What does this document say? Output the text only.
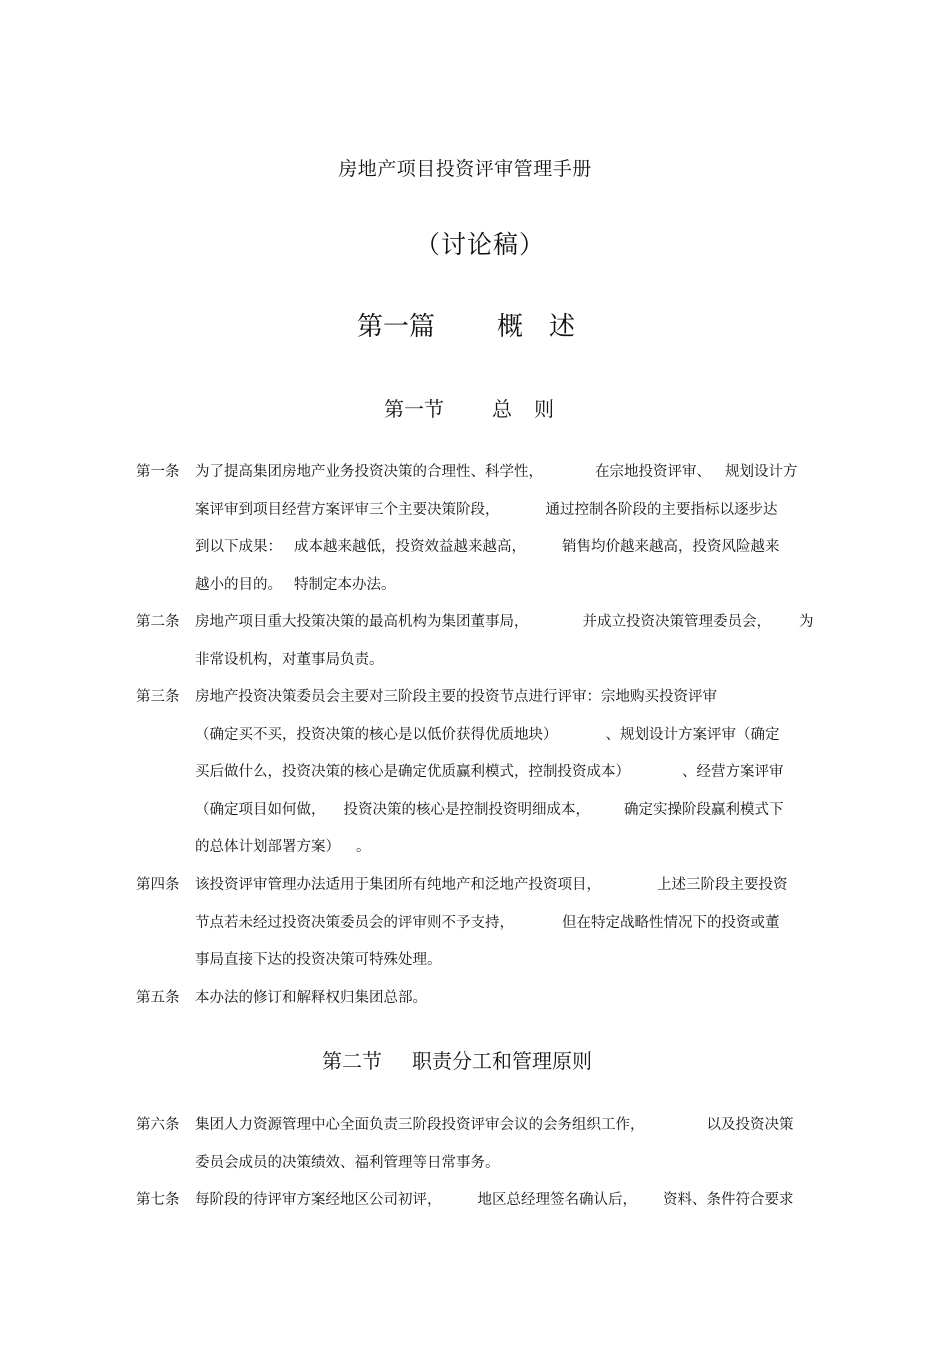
房地产项目投资评审管理手册
（讨论稿）
第一篇 概 述
第一节 总 则
第一条 为了提高集团房地产业务投资决策的合理性、科学性，	在宗地投资评审、 规划设计方
案评审到项目经营方案评审三个主要决策阶段，	通过控制各阶段的主要指标以逐步达
到以下成果： 成本越来越低，投资效益越来越高， 销售均价越来越高，投资风险越来
越小的目的。 特制定本办法。
第二条 房地产项目重大投策决策的最高机构为集团董事局，	并成立投资决策管理委员会， 为
非常设机构，对董事局负责。
第三条 房地产投资决策委员会主要对三阶段主要的投资节点进行评审：宗地购买投资评审
（确定买不买，投资决策的核心是以低价获得优质地块）	、规划设计方案评审（确定
买后做什么，投资决策的核心是确定优质赢利模式，控制投资成本）	、经营方案评审
（确定项目如何做， 投资决策的核心是控制投资明细成本， 确定实操阶段赢利模式下
的总体计划部署方案） 。
第四条 该投资评审管理办法适用于集团所有纯地产和泛地产投资项目，	上述三阶段主要投资
节点若未经过投资决策委员会的评审则不予支持，	但在特定战略性情况下的投资或董
事局直接下达的投资决策可特殊处理。
第五条 本办法的修订和解释权归集团总部。
第二节 职责分工和管理原则
第六条 集团人力资源管理中心全面负责三阶段投资评审会议的会务组织工作，	以及投资决策
委员会成员的决策绩效、福利管理等日常事务。
第七条 每阶段的待评审方案经地区公司初评， 地区总经理签名确认后， 资料、条件符合要求
